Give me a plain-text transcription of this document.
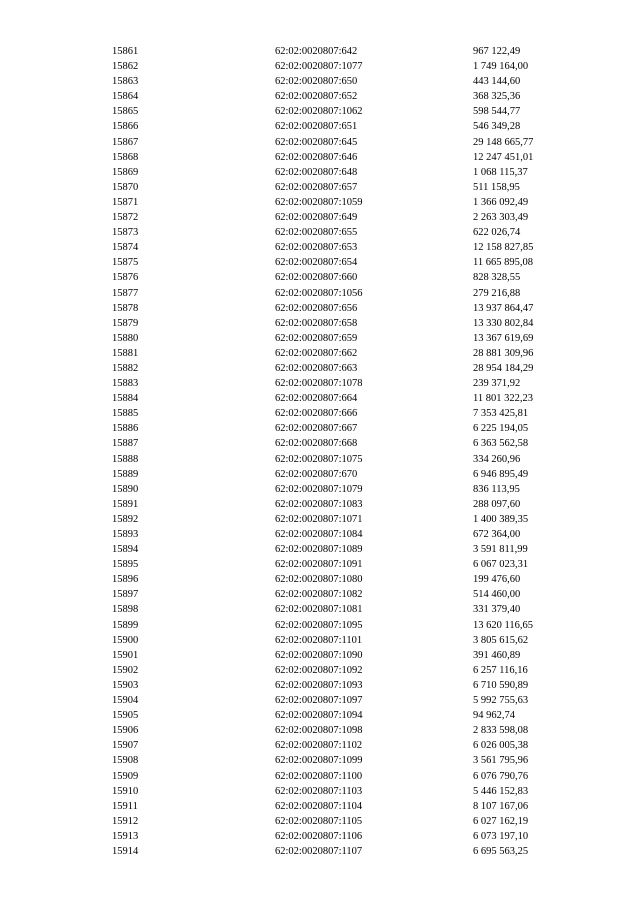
15861	62:02:0020807:642	967 122,49
15862	62:02:0020807:1077	1 749 164,00
15863	62:02:0020807:650	443 144,60
15864	62:02:0020807:652	368 325,36
15865	62:02:0020807:1062	598 544,77
15866	62:02:0020807:651	546 349,28
15867	62:02:0020807:645	29 148 665,77
15868	62:02:0020807:646	12 247 451,01
15869	62:02:0020807:648	1 068 115,37
15870	62:02:0020807:657	511 158,95
15871	62:02:0020807:1059	1 366 092,49
15872	62:02:0020807:649	2 263 303,49
15873	62:02:0020807:655	622 026,74
15874	62:02:0020807:653	12 158 827,85
15875	62:02:0020807:654	11 665 895,08
15876	62:02:0020807:660	828 328,55
15877	62:02:0020807:1056	279 216,88
15878	62:02:0020807:656	13 937 864,47
15879	62:02:0020807:658	13 330 802,84
15880	62:02:0020807:659	13 367 619,69
15881	62:02:0020807:662	28 881 309,96
15882	62:02:0020807:663	28 954 184,29
15883	62:02:0020807:1078	239 371,92
15884	62:02:0020807:664	11 801 322,23
15885	62:02:0020807:666	7 353 425,81
15886	62:02:0020807:667	6 225 194,05
15887	62:02:0020807:668	6 363 562,58
15888	62:02:0020807:1075	334 260,96
15889	62:02:0020807:670	6 946 895,49
15890	62:02:0020807:1079	836 113,95
15891	62:02:0020807:1083	288 097,60
15892	62:02:0020807:1071	1 400 389,35
15893	62:02:0020807:1084	672 364,00
15894	62:02:0020807:1089	3 591 811,99
15895	62:02:0020807:1091	6 067 023,31
15896	62:02:0020807:1080	199 476,60
15897	62:02:0020807:1082	514 460,00
15898	62:02:0020807:1081	331 379,40
15899	62:02:0020807:1095	13 620 116,65
15900	62:02:0020807:1101	3 805 615,62
15901	62:02:0020807:1090	391 460,89
15902	62:02:0020807:1092	6 257 116,16
15903	62:02:0020807:1093	6 710 590,89
15904	62:02:0020807:1097	5 992 755,63
15905	62:02:0020807:1094	94 962,74
15906	62:02:0020807:1098	2 833 598,08
15907	62:02:0020807:1102	6 026 005,38
15908	62:02:0020807:1099	3 561 795,96
15909	62:02:0020807:1100	6 076 790,76
15910	62:02:0020807:1103	5 446 152,83
15911	62:02:0020807:1104	8 107 167,06
15912	62:02:0020807:1105	6 027 162,19
15913	62:02:0020807:1106	6 073 197,10
15914	62:02:0020807:1107	6 695 563,25
